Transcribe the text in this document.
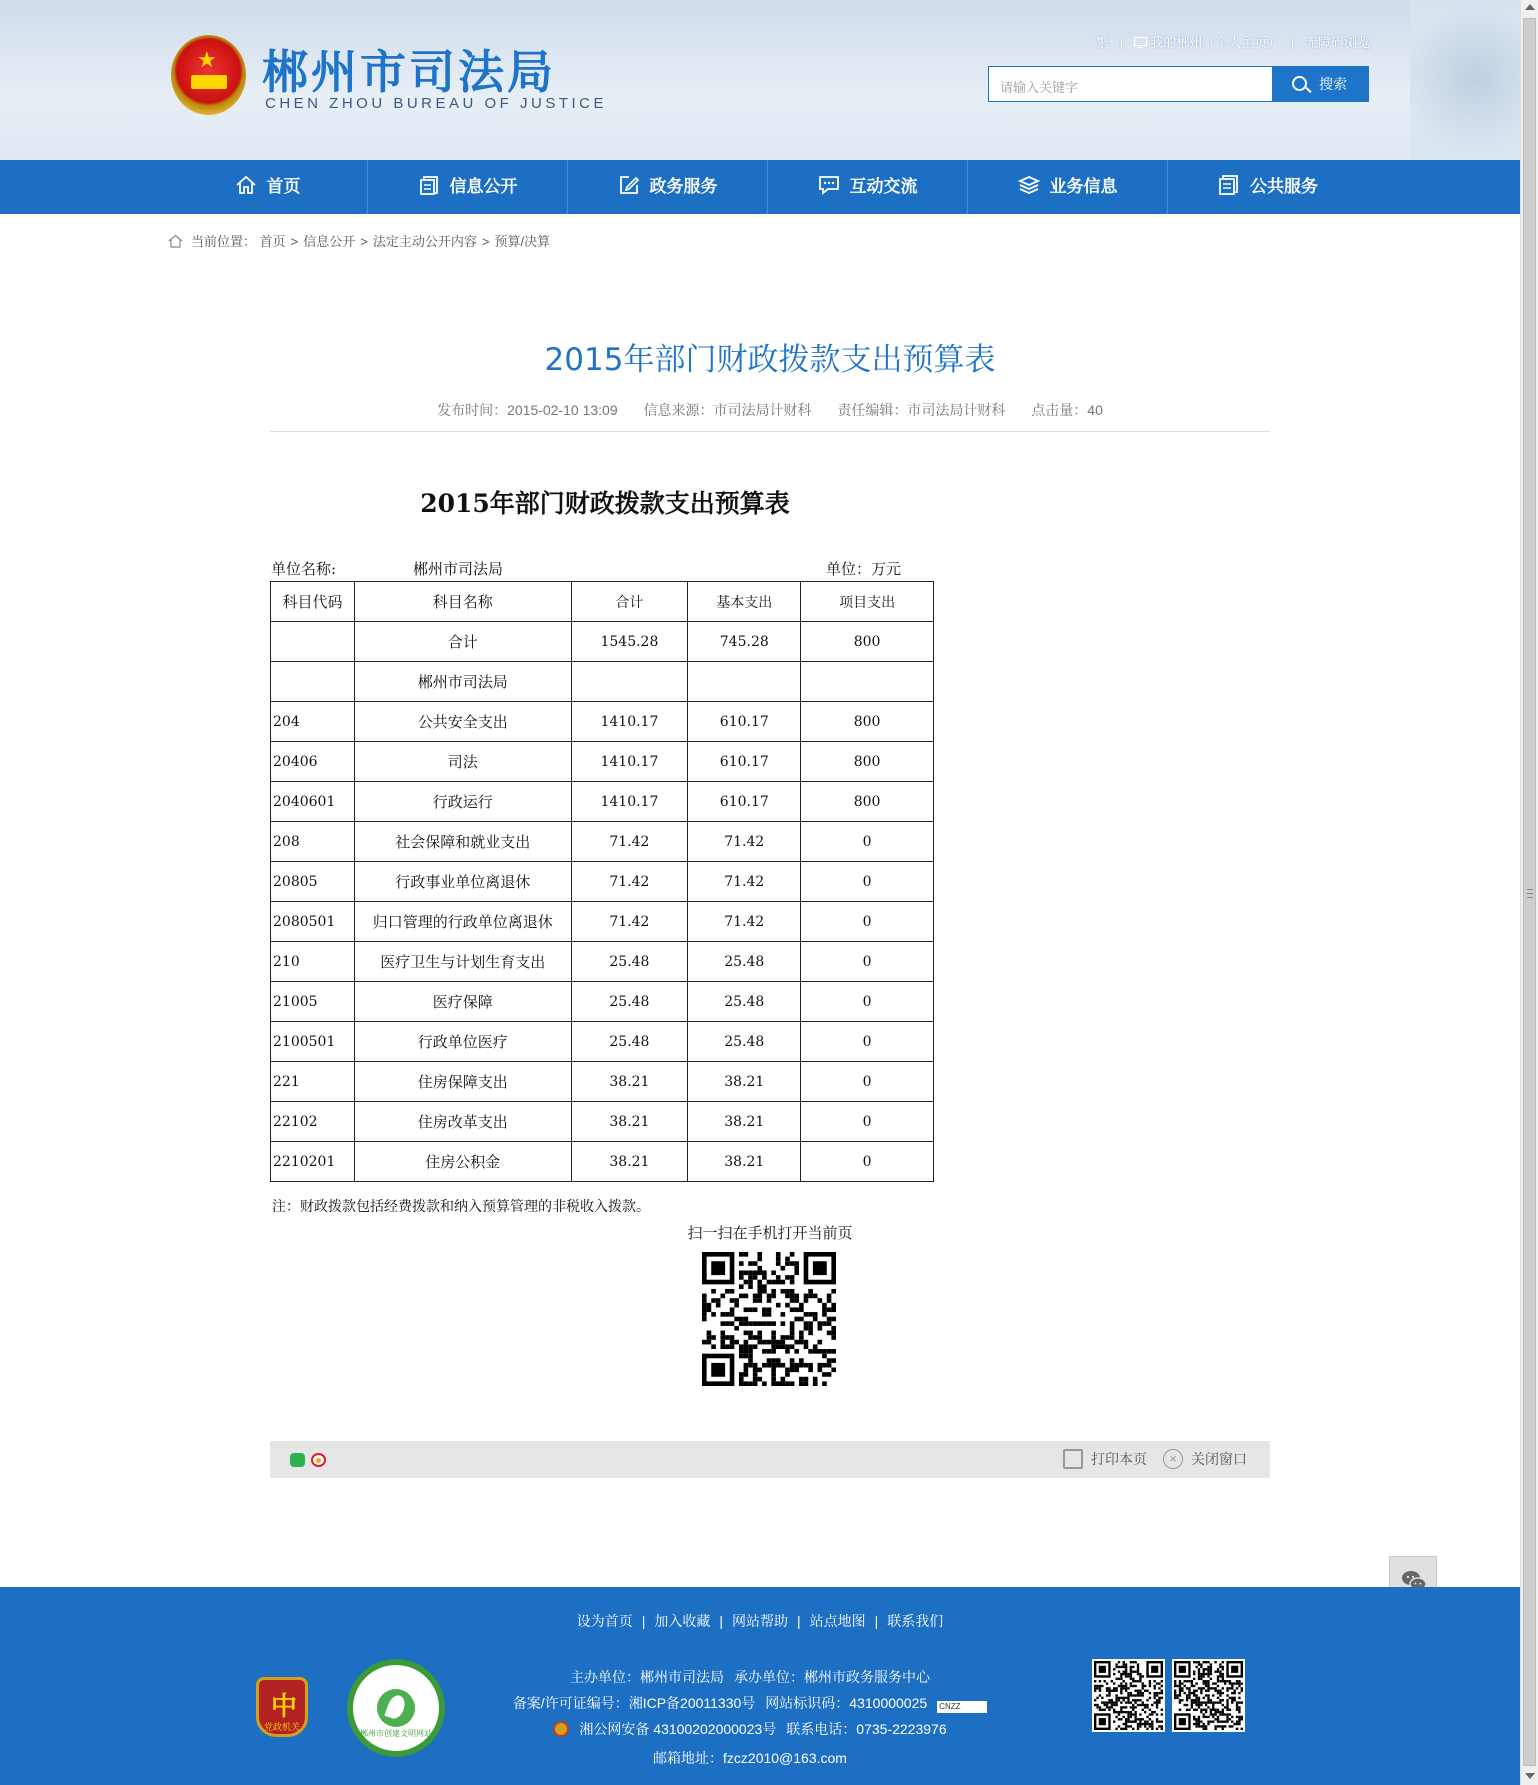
★ 郴州市司法局
CHEN ZHOU BUREAU OF JUSTICE
繁 | 我的郴州（个人主页） | 无障碍浏览
请输入关键字	搜索
首页	信息公开	政务服务	互动交流	业务信息	公共服务
当前位置： 首页 > 信息公开 > 法定主动公开内容 > 预算/决算
2015年部门财政拨款支出预算表
发布时间：2015-02-10 13:09 信息来源：市司法局计财科 责任编辑：市司法局计财科 点击量：40
2015年部门财政拨款支出预算表
单位名称:	郴州市司法局	单位：万元
科目代码	科目名称	合计	基本支出	项目支出
	合计	1545.28	745.28	800
	郴州市司法局			
204	公共安全支出	1410.17	610.17	800
20406	司法	1410.17	610.17	800
2040601	行政运行	1410.17	610.17	800
208	社会保障和就业支出	71.42	71.42	0
20805	行政事业单位离退休	71.42	71.42	0
2080501	归口管理的行政单位离退休	71.42	71.42	0
210	医疗卫生与计划生育支出	25.48	25.48	0
21005	医疗保障	25.48	25.48	0
2100501	行政单位医疗	25.48	25.48	0
221	住房保障支出	38.21	38.21	0
22102	住房改革支出	38.21	38.21	0
2210201	住房公积金	38.21	38.21	0
注：财政拨款包括经费拨款和纳入预算管理的非税收入拨款。
扫一扫在手机打开当前页
打印本页	×	关闭窗口
设为首页 | 加入收藏 | 网站帮助 | 站点地图 | 联系我们
中
党政机关
郴州市创建文明网站
主办单位：郴州市司法局 承办单位：郴州市政务服务中心
备案/许可证编号：湘ICP备20011330号 网站标识码：4310000025 CNZZ
湘公网安备 43100202000023号 联系电话：0735-2223976
邮箱地址：fzcz2010@163.com
